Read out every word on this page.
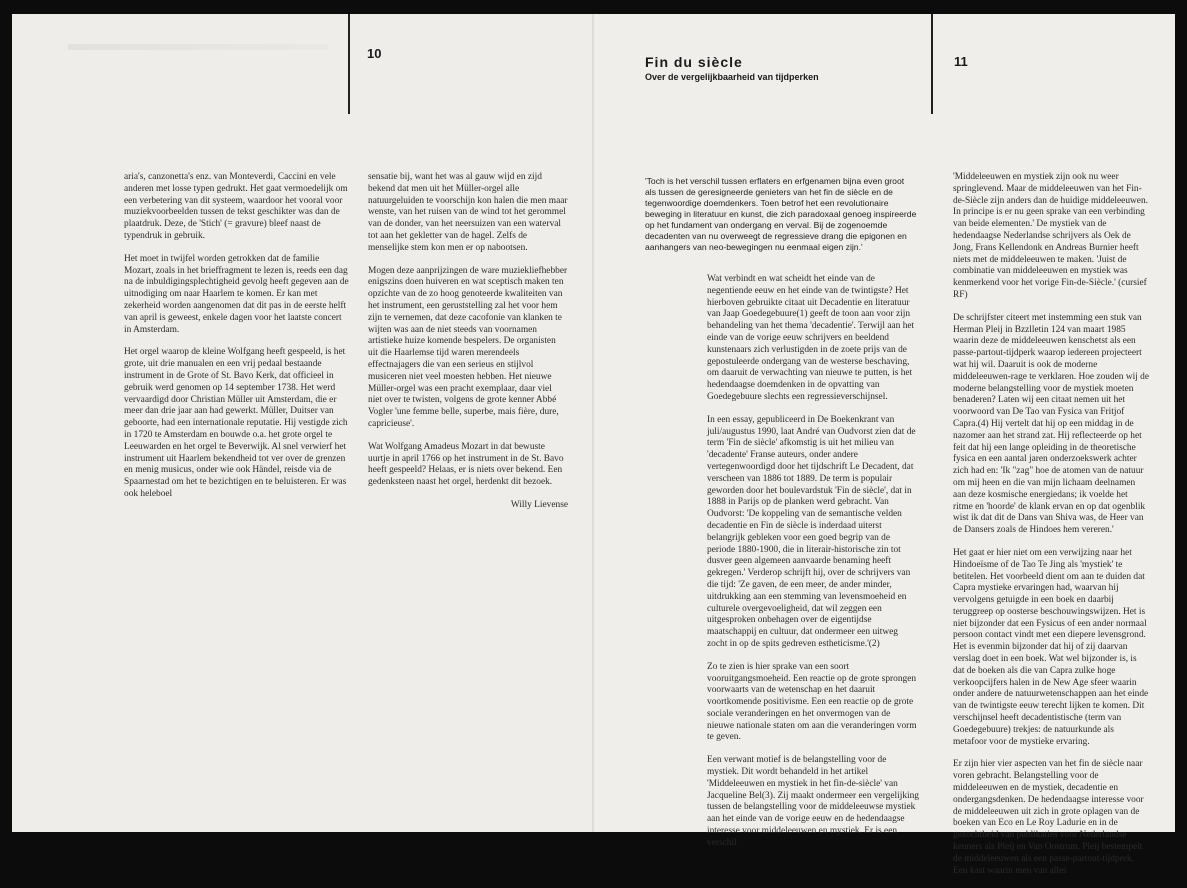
10

aria's, canzonetta's enz. van Monteverdi, Caccini en vele anderen met losse typen gedrukt. Het gaat vermoedelijk om een verbetering van dit systeem, waardoor het vooral voor muziekvoorbeelden tussen de tekst geschikter was dan de plaatdruk. Deze, de 'Stich' (= gravure) bleef naast de typendruk in gebruik.

Het moet in twijfel worden getrokken dat de familie Mozart, zoals in het brieffragment te lezen is, reeds een dag na de inbuldigingsplechtigheid gevolg heeft gegeven aan de uitnodiging om naar Haarlem te komen. Er kan met zekerheid worden aangenomen dat dit pas in de eerste helft van april is geweest, enkele dagen voor het laatste concert in Amsterdam.

Het orgel waarop de kleine Wolfgang heeft gespeeld, is het grote, uit drie manualen en een vrij pedaal bestaande instrument in de Grote of St. Bavo Kerk, dat officieel in gebruik werd genomen op 14 september 1738. Het werd vervaardigd door Christian Müller uit Amsterdam, die er meer dan drie jaar aan had gewerkt. Müller, Duitser van geboorte, had een internationale reputatie. Hij vestigde zich in 1720 te Amsterdam en bouwde o.a. het grote orgel te Leeuwarden en het orgel te Beverwijk. Al snel verwierf het instrument uit Haarlem bekendheid tot ver over de grenzen en menig musicus, onder wie ook Händel, reisde via de Spaarnestad om het te bezichtigen en te beluisteren. Er was ook heleboel

sensatie bij, want het was al gauw wijd en zijd bekend dat men uit het Müller-orgel alle natuurgeluiden te voorschijn kon halen die men maar wenste, van het ruisen van de wind tot het gerommel van de donder, van het neersuizen van een waterval tot aan het gekletter van de hagel. Zelfs de menselijke stem kon men er op nabootsen.

Mogen deze aanprijzingen de ware muziekliefhebber enigszins doen huiveren en wat sceptisch maken ten opzichte van de zo hoog genoteerde kwaliteiten van het instrument, een geruststelling zal het voor hem zijn te vernemen, dat deze cacofonie van klanken te wijten was aan de niet steeds van voornamen artistieke huize komende bespelers. De organisten uit die Haarlemse tijd waren merendeels effectnajagers die van een serieus en stijlvol musiceren niet veel moesten hebben. Het nieuwe Müller-orgel was een pracht exemplaar, daar viel niet over te twisten, volgens de grote kenner Abbé Vogler 'une femme belle, superbe, mais fière, dure, capricieuse'.

Wat Wolfgang Amadeus Mozart in dat bewuste uurtje in april 1766 op het instrument in de St. Bavo heeft gespeeld? Helaas, er is niets over bekend. Een gedenksteen naast het orgel, herdenkt dit bezoek.

Willy Lievense

Fin du siècle
Over de vergelijkbaarheid van tijdperken
11
'Toch is het verschil tussen erflaters en erfgenamen bijna even groot als tussen de geresigneerde genieters van het fin de siècle en de tegenwoordige doemdenkers. Toen betrof het een revolutionaire beweging in literatuur en kunst, die zich paradoxaal genoeg inspireerde op het fundament van ondergang en verval. Bij de zogenoemde decadenten van nu overweegt de regressieve drang die epigonen en aanhangers van neo-bewegingen nu eenmaal eigen zijn.'

Wat verbindt en wat scheidt het einde van de negentiende eeuw en het einde van de twintigste? Het hierboven gebruikte citaat uit Decadentie en literatuur van Jaap Goedegebuure(1) geeft de toon aan voor zijn behandeling van het thema 'decadentie'. Terwijl aan het einde van de vorige eeuw schrijvers en beeldend kunstenaars zich verlustigden in de zoete prijs van de gepostuleerde ondergang van de westerse beschaving, om daaruit de verwachting van nieuwe te putten, is het hedendaagse doemdenken in de opvatting van Goedegebuure slechts een regressieverschijnsel.

In een essay, gepubliceerd in De Boekenkrant van juli/augustus 1990, laat André van Oudvorst zien dat de term 'Fin de siècle' afkomstig is uit het milieu van 'decadente' Franse auteurs, onder andere vertegenwoordigd door het tijdschrift Le Decadent, dat verscheen van 1886 tot 1889. De term is populair geworden door het boulevardstuk 'Fin de siècle', dat in 1888 in Parijs op de planken werd gebracht. Van Oudvorst: 'De koppeling van de semantische velden decadentie en Fin de siècle is inderdaad uiterst belangrijk gebleken voor een goed begrip van de periode 1880-1900, die in literair-historische zin tot dusver geen algemeen aanvaarde benaming heeft gekregen.' Verderop schrijft hij, over de schrijvers van die tijd: 'Ze gaven, de een meer, de ander minder, uitdrukking aan een stemming van levensmoeheid en culturele overgevoeligheid, dat wil zeggen een uitgesproken onbehagen over de eigentijdse maatschappij en cultuur, dat ondermeer een uitweg zocht in op de spits gedreven estheticisme.'(2)

Zo te zien is hier sprake van een soort vooruitgangsmoeheid. Een reactie op de grote sprongen voorwaarts van de wetenschap en het daaruit voortkomende positivisme. Een een reactie op de grote sociale veranderingen en het onvermogen van de nieuwe nationale staten om aan die veranderingen vorm te geven.

Een verwant motief is de belangstelling voor de mystiek. Dit wordt behandeld in het artikel 'Middeleeuwen en mystiek in het fin-de-siècle' van Jacqueline Bel(3). Zij maakt ondermeer een vergelijking tussen de belangstelling voor de middeleeuwse mystiek aan het einde van de vorige eeuw en de hedendaagse interesse voor middeleeuwen en mystiek. Er is een verschil

'Middeleeuwen en mystiek zijn ook nu weer springlevend. Maar de middeleeuwen van het Fin-de-Siècle zijn anders dan de huidige middeleeuwen. In principe is er nu geen sprake van een verbinding van beide elementen.' De mystiek van de hedendaagse Nederlandse schrijvers als Oek de Jong, Frans Kellendonk en Andreas Burnier heeft niets met de middeleeuwen te maken. 'Juist de combinatie van middeleeuwen en mystiek was kenmerkend voor het vorige Fin-de-Siècle.' (cursief RF)

De schrijfster citeert met instemming een stuk van Herman Pleij in Bzzlletin 124 van maart 1985 waarin deze de middeleeuwen kenschetst als een passe-partout-tijdperk waarop iedereen projecteert wat hij wil. Daaruit is ook de moderne middeleeuwen-rage te verklaren. Hoe zouden wij de moderne belangstelling voor de mystiek moeten benaderen? Laten wij een citaat nemen uit het voorwoord van De Tao van Fysica van Fritjof Capra.(4) Hij vertelt dat hij op een middag in de nazomer aan het strand zat. Hij reflecteerde op het feit dat hij een lange opleiding in de theoretische fysica en een aantal jaren onderzoekswerk achter zich had en: 'Ik "zag" hoe de atomen van de natuur om mij heen en die van mijn lichaam deelnamen aan deze kosmische energiedans; ik voelde het ritme en 'hoorde' de klank ervan en op dat ogenblik wist ik dat dit de Dans van Shiva was, de Heer van de Dansers zoals de Hindoes hem vereren.'

Het gaat er hier niet om een verwijzing naar het Hindoeïsme of de Tao Te Jing als 'mystiek' te betitelen. Het voorbeeld dient om aan te duiden dat Capra mystieke ervaringen had, waarvan hij vervolgens getuigde in een boek en daarbij teruggreep op oosterse beschouwingswijzen. Het is niet bijzonder dat een Fysicus of een ander normaal persoon contact vindt met een diepere levensgrond. Het is evenmin bijzonder dat hij of zij daarvan verslag doet in een boek. Wat wel bijzonder is, is dat de boeken als die van Capra zulke hoge verkoopcijfers halen in de New Age sfeer waarin onder andere de natuurwetenschappen aan het einde van de twintigste eeuw terecht lijken te komen. Dit verschijnsel heeft decadentistische (term van Goedegebuure) trekjes: de natuurkunde als metafoor voor de mystieke ervaring.

Er zijn hier vier aspecten van het fin de siècle naar voren gebracht. Belangstelling voor de middeleeuwen en de mystiek, decadentie en ondergangsdenken. De hedendaagse interesse voor de middeleeuwen uit zich in grote oplagen van de boeken van Eco en Le Roy Ladurie en in de gezochtheid van publikaties voor Nederlandse kenners als Pleij en Van Oostrum. Pleij bestempelt de middeleeuwen als een passe-partout-tijdperk. Een kast waarin men van alles
